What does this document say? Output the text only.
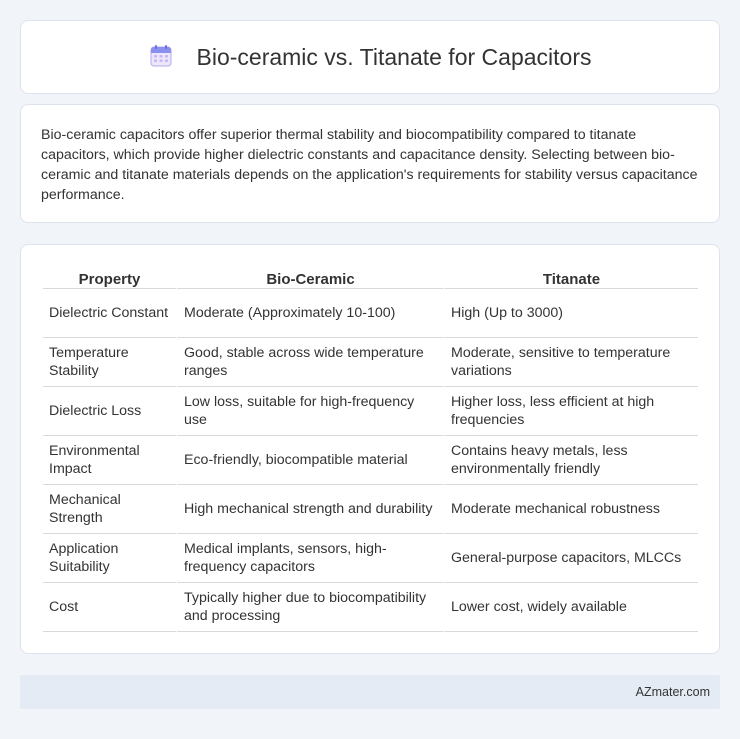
Bio-ceramic vs. Titanate for Capacitors

Bio-ceramic capacitors offer superior thermal stability and biocompatibility compared to titanate capacitors, which provide higher dielectric constants and capacitance density. Selecting between bio-ceramic and titanate materials depends on the application's requirements for stability versus capacitance performance.

Property	Bio-Ceramic	Titanate
Dielectric Constant	Moderate (Approximately 10-100)	High (Up to 3000)
Temperature Stability	Good, stable across wide temperature ranges	Moderate, sensitive to temperature variations
Dielectric Loss	Low loss, suitable for high-frequency use	Higher loss, less efficient at high frequencies
Environmental Impact	Eco-friendly, biocompatible material	Contains heavy metals, less environmentally friendly
Mechanical Strength	High mechanical strength and durability	Moderate mechanical robustness
Application Suitability	Medical implants, sensors, high-frequency capacitors	General-purpose capacitors, MLCCs
Cost	Typically higher due to biocompatibility and processing	Lower cost, widely available
AZmater.com
